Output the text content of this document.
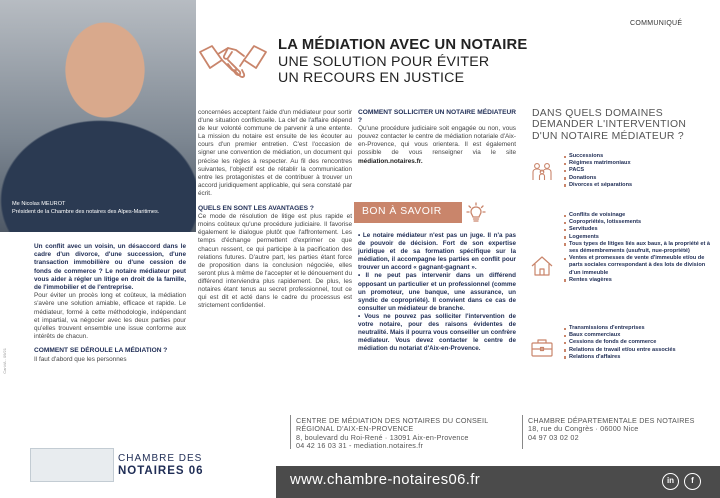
Me Nicolas MEUROT
Président de la Chambre des notaires des Alpes-Maritimes.
CanVA - 09/21
COMMUNIQUÉ
LA MÉDIATION AVEC UN NOTAIRE
UNE SOLUTION POUR ÉVITER
UN RECOURS EN JUSTICE

Un conflit avec un voisin, un désaccord dans le cadre d'un divorce, d'une succession, d'une transaction immobilière ou d'une cession de fonds de commerce ? Le notaire médiateur peut vous aider à régler un litige en droit de la famille, de l'immobilier et de l'entreprise.

Pour éviter un procès long et coûteux, la médiation s'avère une solution amiable, efficace et rapide. Le médiateur, formé à cette méthodologie, indépendant et impartial, va négocier avec les deux parties pour qu'elles trouvent ensemble une issue conforme aux intérêts de chacun.

COMMENT SE DÉROULE LA MÉDIATION ?

Il faut d'abord que les personnes

concernées acceptent l'aide d'un médiateur pour sortir d'une situation conflictuelle. La clef de l'affaire dépend de leur volonté commune de parvenir à une entente. La mission du notaire est ensuite de les écouter au cours d'un premier entretien. C'est l'occasion de signer une convention de médiation, un document qui précise les règles à respecter. Au fil des rencontres suivantes, l'objectif est de rétablir la communication entre les protagonistes et de contribuer à trouver un accord juridiquement applicable, qui sera constaté par écrit.

QUELS EN SONT LES AVANTAGES ?

Ce mode de résolution de litige est plus rapide et moins coûteux qu'une procédure judiciaire. Il favorise également le dialogue plutôt que l'affrontement. Les temps d'échange permettent d'exprimer ce que chacun ressent, ce qui participe à la pacification des relations futures. D'autre part, les parties étant force de proposition dans la conclusion négociée, elles seront plus à même de l'accepter et le dénouement du différend interviendra plus rapidement. De plus, les notaires étant tenus au secret professionnel, tout ce qui est dit et acté dans le cadre du processus est strictement confidentiel.

COMMENT SOLLICITER UN NOTAIRE MÉDIATEUR ?

Qu'une procédure judiciaire soit engagée ou non, vous pouvez contacter le centre de médiation notariale d'Aix-en-Provence, qui vous orientera. Il est également possible de vous renseigner via le site médiation.notaires.fr.

BON À SAVOIR

• Le notaire médiateur n'est pas un juge. Il n'a pas de pouvoir de décision. Fort de son expertise juridique et de sa formation spécifique sur la médiation, il accompagne les parties en conflit pour trouver un accord « gagnant-gagnant ».

• Il ne peut pas intervenir dans un différend opposant un particulier et un professionnel (comme un promoteur, une banque, une assurance, un syndic de copropriété). Il convient dans ce cas de consulter un médiateur de branche.

• Vous ne pouvez pas solliciter l'intervention de votre notaire, pour des raisons évidentes de neutralité. Mais il pourra vous conseiller un confrère médiateur. Vous devez contacter le centre de médiation du notariat d'Aix-en-Provence.

DANS QUELS DOMAINES
DEMANDER L'INTERVENTION
D'UN NOTAIRE MÉDIATEUR ?
Successions
Régimes matrimoniaux
PACS
Donations
Divorces et séparations
Conflits de voisinage
Copropriétés, lotissements
Servitudes
Logements
Tous types de litiges liés aux baux, à la propriété et à ses démembrements (usufruit, nue-propriété)
Ventes et promesses de vente d'immeuble et/ou de parts sociales correspondant à des lots de division d'un immeuble
Rentes viagères
Transmissions d'entreprises
Baux commerciaux
Cessions de fonds de commerce
Relations de travail et/ou entre associés
Relations d'affaires
CENTRE DE MÉDIATION DES NOTAIRES DU CONSEIL
RÉGIONAL D'AIX-EN-PROVENCE
8, boulevard du Roi-René · 13091 Aix-en-Provence
04 42 16 03 31 - mediation.notaires.fr
CHAMBRE DÉPARTEMENTALE DES NOTAIRES
18, rue du Congrès · 06000 Nice
04 97 03 02 02
CHAMBRE DES
NOTAIRES 06
www.chambre-notaires06.fr	in	f
